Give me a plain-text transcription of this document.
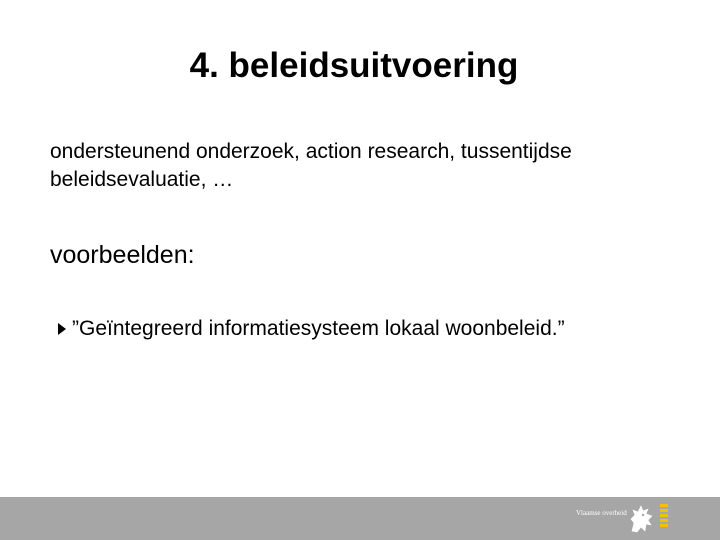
4. beleidsuitvoering

ondersteunend onderzoek, action research, tussentijdse
beleidsevaluatie, …

voorbeelden:

”Geïntegreerd informatiesysteem lokaal woonbeleid.”
Vlaamse overheid
